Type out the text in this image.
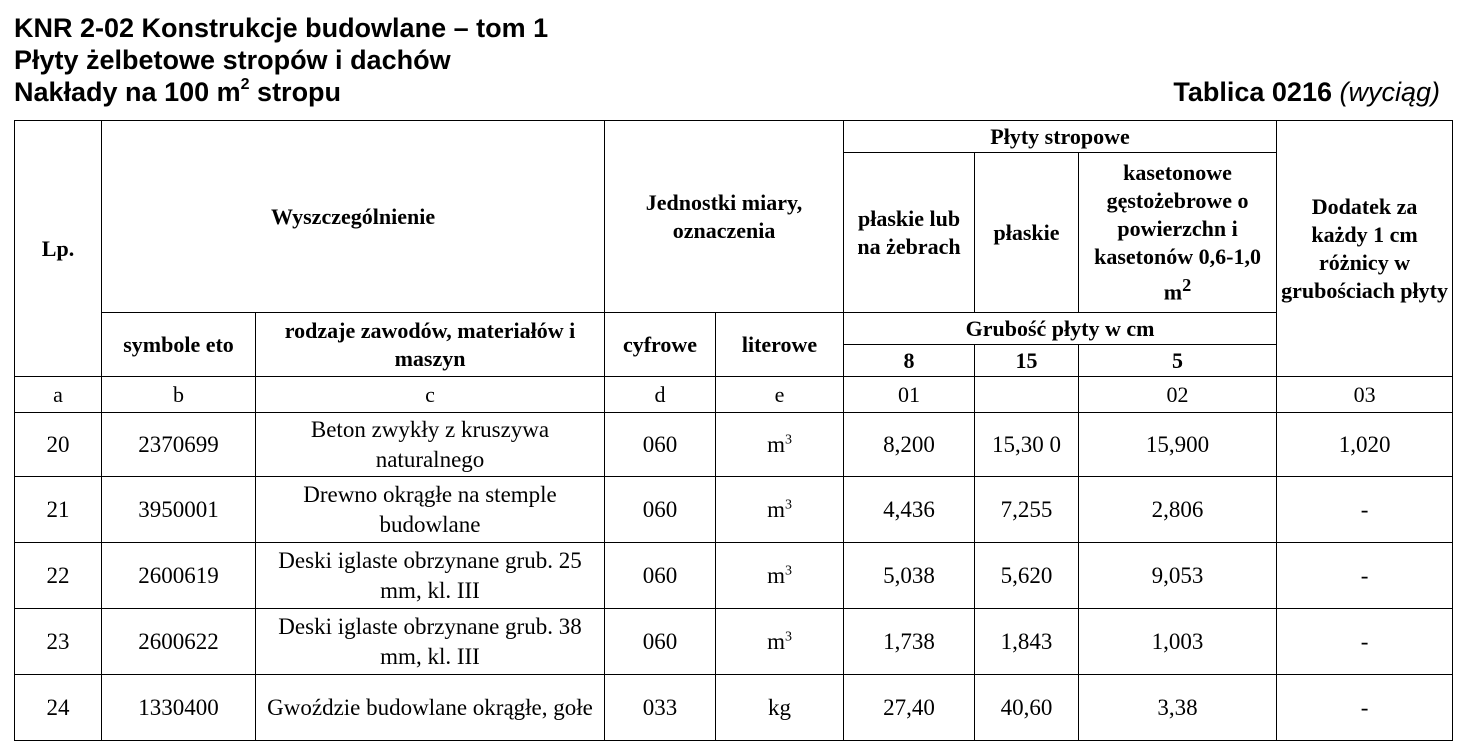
KNR 2-02 Konstrukcje budowlane – tom 1
Płyty żelbetowe stropów i dachów
Nakłady na 100 $m^2$ stropu	Tablica 0216 (wyciąg)
Lp.	Wyszczególnienie		Jednostki miary, oznaczenia		Płyty stropowe			Dodatek za każdy 1 cm różnicy w grubościach płyty
					płaskie lub na żebrach	płaskie	kasetonowe gęstożebrowe o powierzchn i kasetonów 0,6-1,0 $m^2$
	symbole eto	rodzaje zawodów, materiałów i maszyn	cyfrowe	literowe	Grubość płyty w cm			
					8	15	5	
a	b	c	d	e	01		02	03
20	2370699	Beton zwykły z kruszywa naturalnego	060	$m^3$	8,200	15,30 0	15,900	1,020
21	3950001	Drewno okrągłe na stemple budowlane	060	$m^3$	4,436	7,255	2,806	-
22	2600619	Deski iglaste obrzynane grub. 25 mm, kl. III	060	$m^3$	5,038	5,620	9,053	-
23	2600622	Deski iglaste obrzynane grub. 38 mm, kl. III	060	$m^3$	1,738	1,843	1,003	-
24	1330400	Gwoździe budowlane okrągłe, gołe	033	kg	27,40	40,60	3,38	-
